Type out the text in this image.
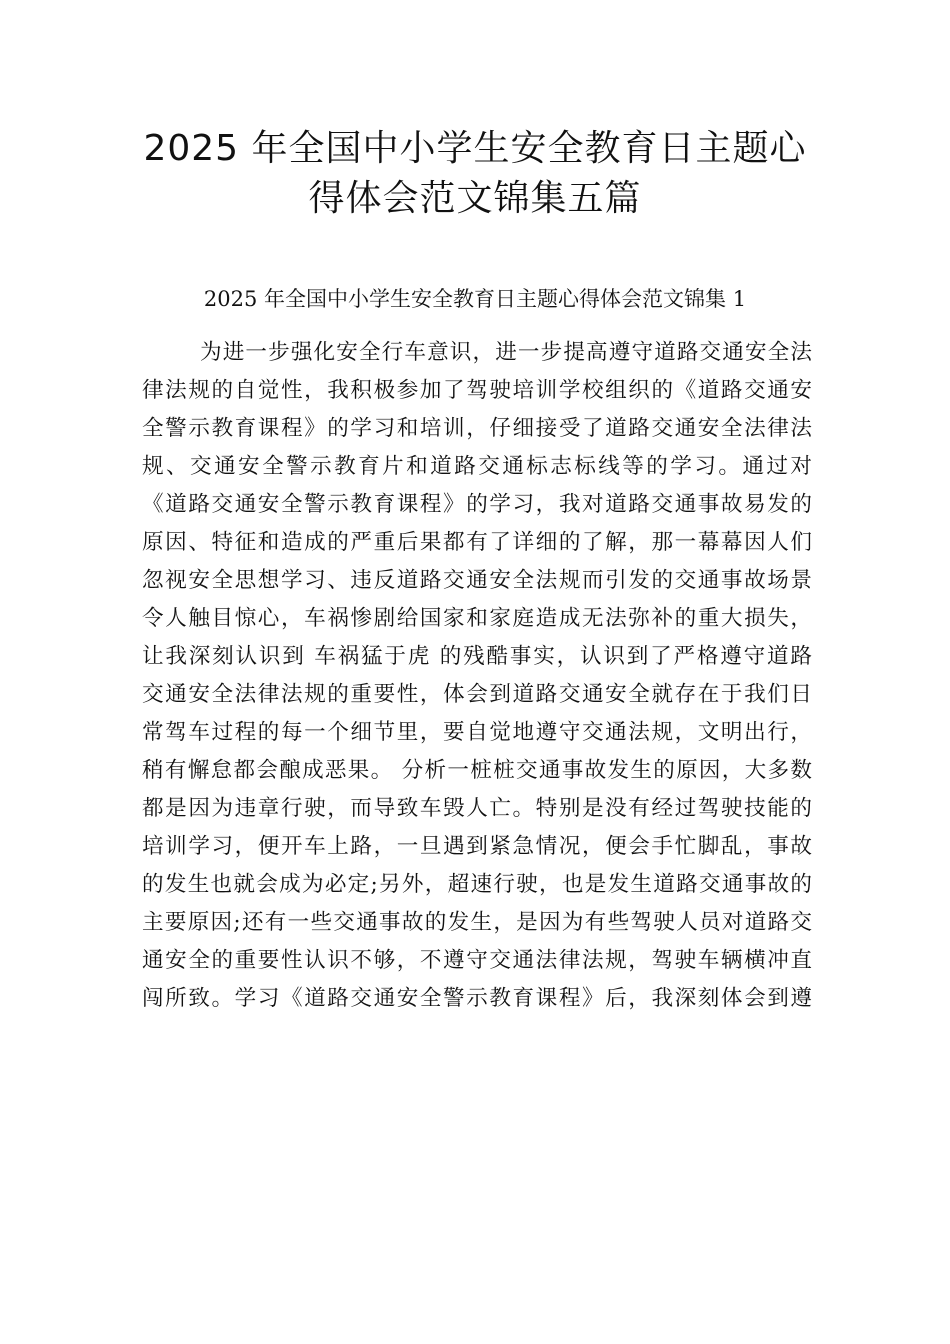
2025 年全国中小学生安全教育日主题心
得体会范文锦集五篇

2025 年全国中小学生安全教育日主题心得体会范文锦集 1

为进一步强化安全行车意识，进一步提高遵守道路交通安全法
律法规的自觉性，我积极参加了驾驶培训学校组织的《道路交通安
全警示教育课程》的学习和培训，仔细接受了道路交通安全法律法
规、交通安全警示教育片和道路交通标志标线等的学习。通过对
《道路交通安全警示教育课程》的学习，我对道路交通事故易发的
原因、特征和造成的严重后果都有了详细的了解，那一幕幕因人们
忽视安全思想学习、违反道路交通安全法规而引发的交通事故场景
令人触目惊心，车祸惨剧给国家和家庭造成无法弥补的重大损失，
让我深刻认识到 车祸猛于虎 的残酷事实，认识到了严格遵守道路
交通安全法律法规的重要性，体会到道路交通安全就存在于我们日
常驾车过程的每一个细节里，要自觉地遵守交通法规，文明出行，
稍有懈怠都会酿成恶果。 分析一桩桩交通事故发生的原因，大多数
都是因为违章行驶，而导致车毁人亡。特别是没有经过驾驶技能的
培训学习，便开车上路，一旦遇到紧急情况，便会手忙脚乱，事故
的发生也就会成为必定;另外，超速行驶，也是发生道路交通事故的
主要原因;还有一些交通事故的发生，是因为有些驾驶人员对道路交
通安全的重要性认识不够，不遵守交通法律法规，驾驶车辆横冲直
闯所致。学习《道路交通安全警示教育课程》后，我深刻体会到遵
